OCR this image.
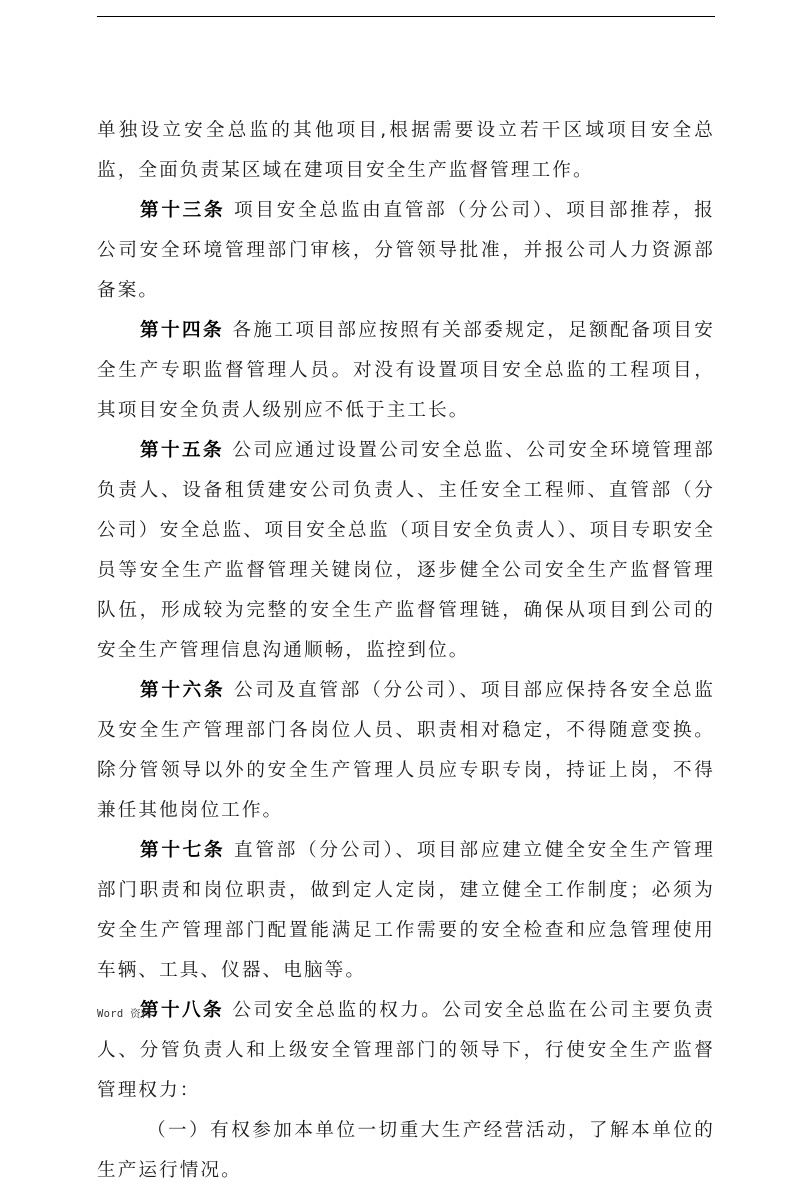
单独设立安全总监的其他项目,根据需要设立若干区域项目安全总监，全面负责某区域在建项目安全生产监督管理工作。

第十三条 项目安全总监由直管部（分公司）、项目部推荐，报公司安全环境管理部门审核，分管领导批准，并报公司人力资源部备案。

第十四条 各施工项目部应按照有关部委规定，足额配备项目安全生产专职监督管理人员。对没有设置项目安全总监的工程项目，其项目安全负责人级别应不低于主工长。

第十五条 公司应通过设置公司安全总监、公司安全环境管理部负责人、设备租赁建安公司负责人、主任安全工程师、直管部（分公司）安全总监、项目安全总监（项目安全负责人）、项目专职安全员等安全生产监督管理关键岗位，逐步健全公司安全生产监督管理队伍，形成较为完整的安全生产监督管理链，确保从项目到公司的安全生产管理信息沟通顺畅，监控到位。

第十六条 公司及直管部（分公司）、项目部应保持各安全总监及安全生产管理部门各岗位人员、职责相对稳定，不得随意变换。除分管领导以外的安全生产管理人员应专职专岗，持证上岗，不得兼任其他岗位工作。

第十七条 直管部（分公司）、项目部应建立健全安全生产管理部门职责和岗位职责，做到定人定岗，建立健全工作制度；必须为安全生产管理部门配置能满足工作需要的安全检查和应急管理使用车辆、工具、仪器、电脑等。

第十八条 公司安全总监的权力。公司安全总监在公司主要负责人、分管负责人和上级安全管理部门的领导下，行使安全生产监督管理权力：

（一）有权参加本单位一切重大生产经营活动，了解本单位的生产运行情况。

Word 资料
